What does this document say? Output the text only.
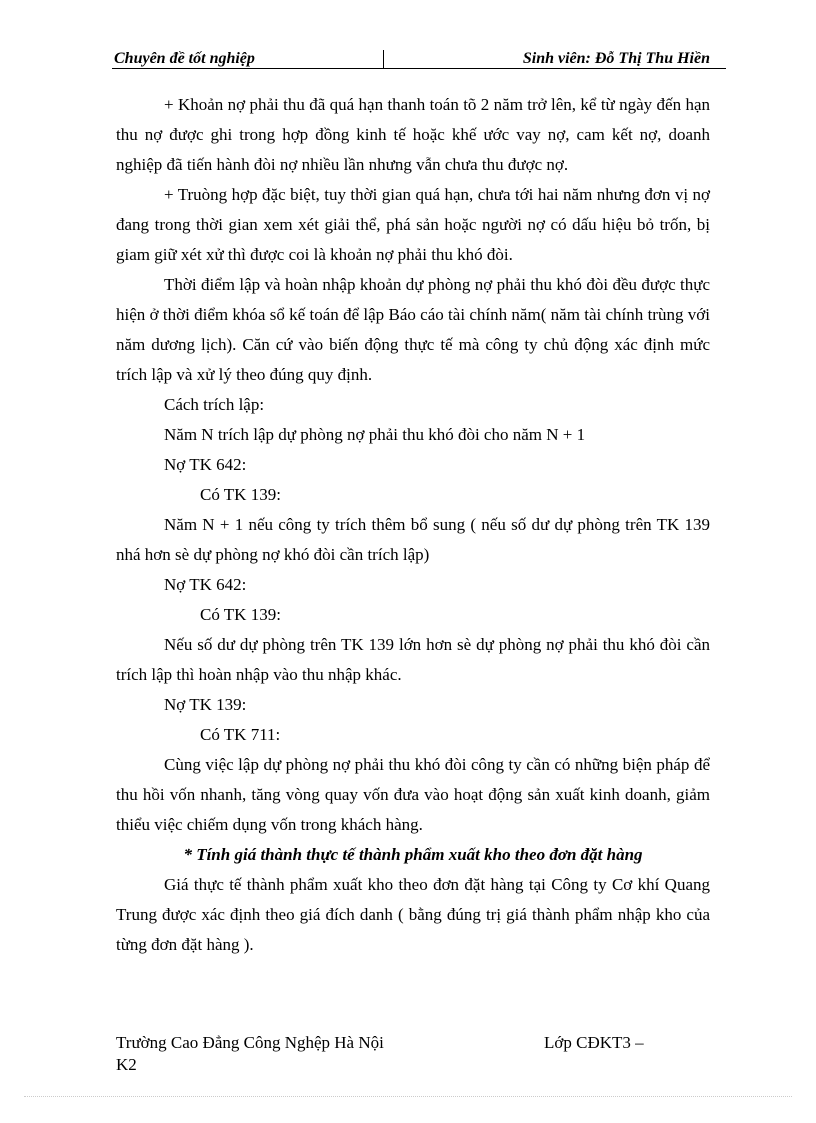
Chuyên đề tốt nghiệp	Sinh viên: Đỗ Thị Thu Hiền

+ Khoản nợ phải thu đã quá hạn thanh toán tõ 2 năm trở lên, kể từ ngày đến hạn thu nợ được ghi trong hợp đồng kinh tế hoặc khế ước vay nợ, cam kết nợ, doanh nghiệp đã tiến hành đòi nợ nhiều lần nhưng vẫn chưa thu được nợ.

+ Truòng hợp đặc biệt, tuy thời gian quá hạn, chưa tới hai năm nhưng đơn vị nợ đang trong thời gian xem xét giải thể, phá sản hoặc người nợ có dấu hiệu bỏ trốn, bị giam giữ xét xử thì được coi là khoản nợ phải thu khó đòi.

Thời điểm lập và hoàn nhập khoản dự phòng nợ phải thu khó đòi đều được thực hiện ở thời điểm khóa sổ kế toán để lập Báo cáo tài chính năm( năm tài chính trùng với năm dương lịch). Căn cứ vào biến động thực tế mà công ty chủ động xác định mức trích lập và xử lý theo đúng quy định.

Cách trích lập:

Năm N trích lập dự phòng nợ phải thu khó đòi cho năm N + 1

Nợ TK 642:

Có TK 139:

Năm N + 1 nếu công ty trích thêm bổ sung ( nếu số dư dự phòng trên TK 139 nhá hơn sè dự phòng nợ khó đòi cần trích lập)

Nợ TK 642:

Có TK 139:

Nếu số dư dự phòng trên TK 139 lớn hơn sè dự phòng nợ phải thu khó đòi cần trích lập thì hoàn nhập vào thu nhập khác.

Nợ TK 139:

Có TK 711:

Cùng việc lập dự phòng nợ phải thu khó đòi công ty cần có những biện pháp để thu hồi vốn nhanh, tăng vòng quay vốn đưa vào hoạt động sản xuất kinh doanh, giảm thiểu việc chiếm dụng vốn trong khách hàng.

* Tính giá thành thực tế thành phẩm xuất kho theo đơn đặt hàng

Giá thực tế thành phẩm xuất kho theo đơn đặt hàng tại Công ty Cơ khí Quang Trung được xác định theo giá đích danh ( bằng đúng trị giá thành phẩm nhập kho của từng đơn đặt hàng ).

Trường Cao Đẳng Công Nghệp Hà Nội	Lớp CĐKT3 –
K2
